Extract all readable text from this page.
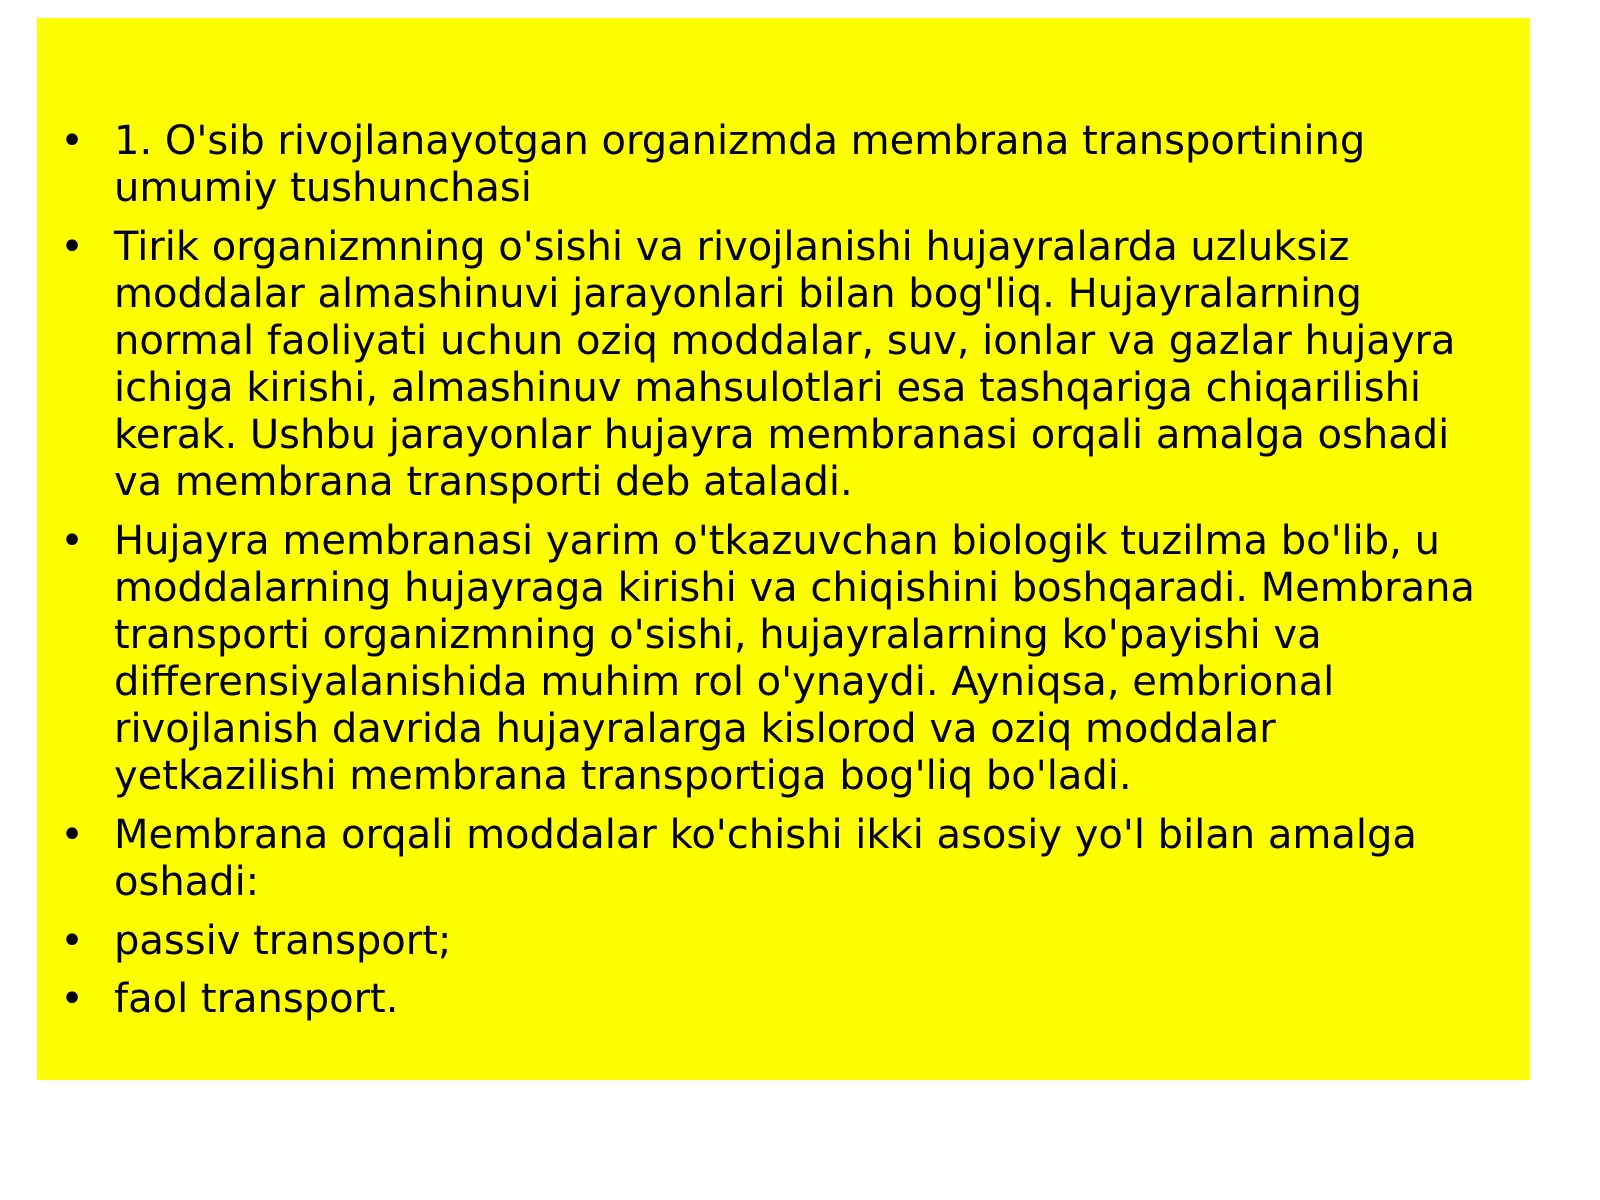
• 1. O'sib rivojlanayotgan organizmda membrana transportining umumiy tushunchasi
• Tirik organizmning o'sishi va rivojlanishi hujayralarda uzluksiz moddalar almashinuvi jarayonlari bilan bog'liq. Hujayralarning normal faoliyati uchun oziq moddalar, suv, ionlar va gazlar hujayra ichiga kirishi, almashinuv mahsulotlari esa tashqariga chiqarilishi kerak. Ushbu jarayonlar hujayra membranasi orqali amalga oshadi va membrana transporti deb ataladi.
• Hujayra membranasi yarim o'tkazuvchan biologik tuzilma bo'lib, u moddalarning hujayraga kirishi va chiqishini boshqaradi. Membrana transporti organizmning o'sishi, hujayralarning ko'payishi va differensiyalanishida muhim rol o'ynaydi. Ayniqsa, embrional rivojlanish davrida hujayralarga kislorod va oziq moddalar yetkazilishi membrana transportiga bog'liq bo'ladi.
• Membrana orqali moddalar ko'chishi ikki asosiy yo'l bilan amalga oshadi:
• passiv transport;
• faol transport.
